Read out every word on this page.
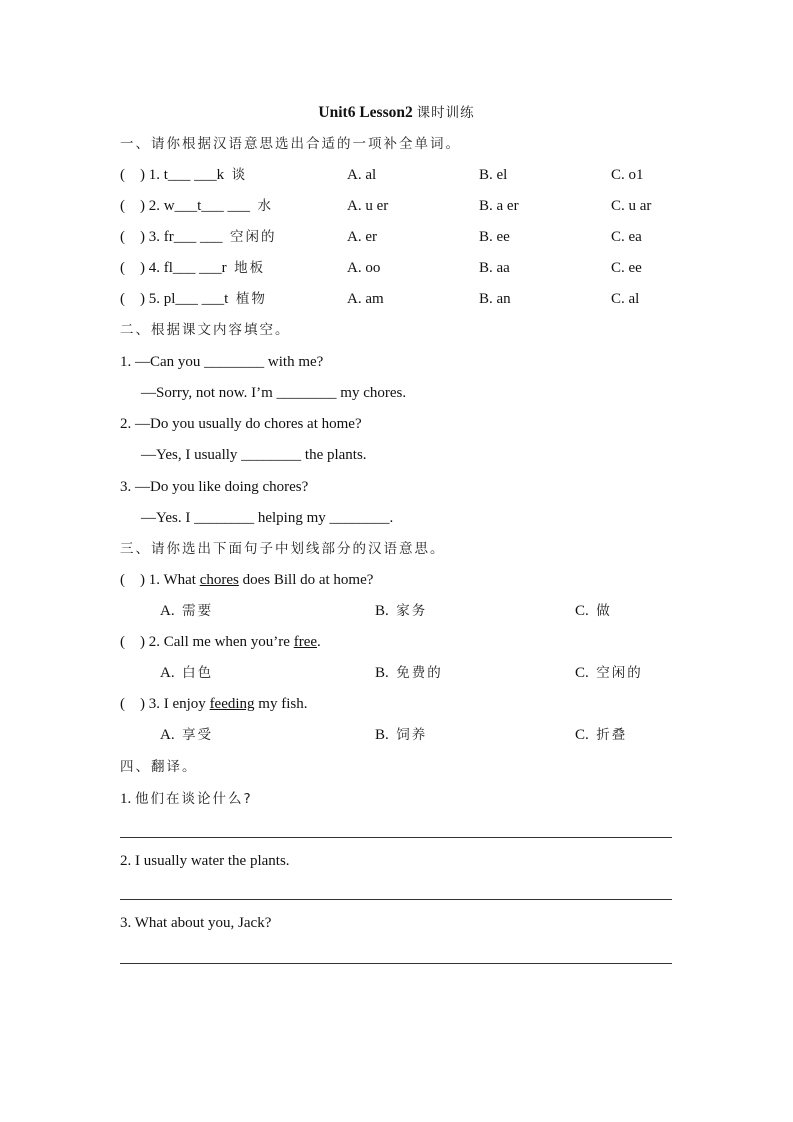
Unit6 Lesson2 课时训练
一、请你根据汉语意思选出合适的一项补全单词。
(    ) 1. t___ ___k 谈	A. al	B. el	C. o1
(    ) 2. w___t___ ___ 水	A. u er	B. a er	C. u ar
(    ) 3. fr___ ___ 空闲的	A. er	B. ee	C. ea
(    ) 4. fl___ ___r 地板	A. oo	B. aa	C. ee
(    ) 5. pl___ ___t 植物	A. am	B. an	C. al
二、根据课文内容填空。
1. —Can you ________ with me?
—Sorry, not now. I’m ________ my chores.
2. —Do you usually do chores at home?
—Yes, I usually ________ the plants.
3. —Do you like doing chores?
—Yes. I ________ helping my ________.
三、请你选出下面句子中划线部分的汉语意思。
(    ) 1. What chores does Bill do at home?
A. 需要	B. 家务	C. 做
(    ) 2. Call me when you’re free.
A. 白色	B. 免费的	C. 空闲的
(    ) 3. I enjoy feeding my fish.
A. 享受	B. 饲养	C. 折叠
四、翻译。
1. 他们在谈论什么?
2. I usually water the plants.
3. What about you, Jack?
